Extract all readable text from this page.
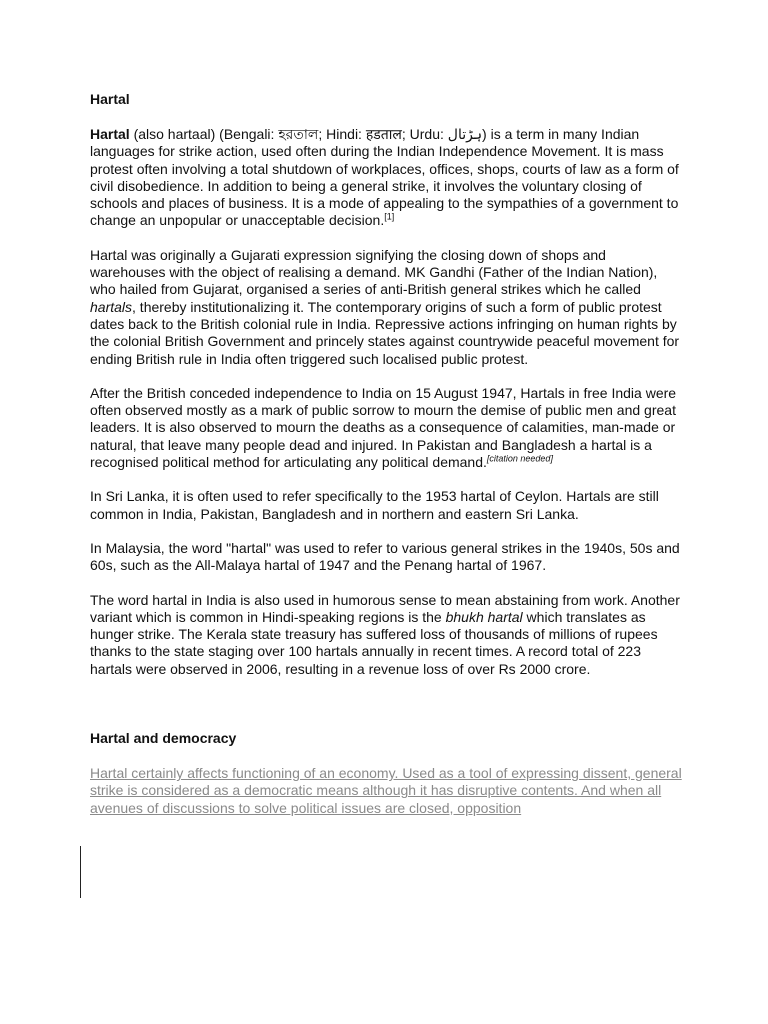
Hartal

Hartal (also hartaal) (Bengali: হরতাল; Hindi: हडताल; Urdu: ہڑتال) is a term in many Indian languages for strike action, used often during the Indian Independence Movement. It is mass protest often involving a total shutdown of workplaces, offices, shops, courts of law as a form of civil disobedience. In addition to being a general strike, it involves the voluntary closing of schools and places of business. It is a mode of appealing to the sympathies of a government to change an unpopular or unacceptable decision.[1]

Hartal was originally a Gujarati expression signifying the closing down of shops and warehouses with the object of realising a demand. MK Gandhi (Father of the Indian Nation), who hailed from Gujarat, organised a series of anti-British general strikes which he called hartals, thereby institutionalizing it. The contemporary origins of such a form of public protest dates back to the British colonial rule in India. Repressive actions infringing on human rights by the colonial British Government and princely states against countrywide peaceful movement for ending British rule in India often triggered such localised public protest.

After the British conceded independence to India on 15 August 1947, Hartals in free India were often observed mostly as a mark of public sorrow to mourn the demise of public men and great leaders. It is also observed to mourn the deaths as a consequence of calamities, man-made or natural, that leave many people dead and injured. In Pakistan and Bangladesh a hartal is a recognised political method for articulating any political demand.[citation needed]

In Sri Lanka, it is often used to refer specifically to the 1953 hartal of Ceylon. Hartals are still common in India, Pakistan, Bangladesh and in northern and eastern Sri Lanka.

In Malaysia, the word "hartal" was used to refer to various general strikes in the 1940s, 50s and 60s, such as the All-Malaya hartal of 1947 and the Penang hartal of 1967.

The word hartal in India is also used in humorous sense to mean abstaining from work. Another variant which is common in Hindi-speaking regions is the bhukh hartal which translates as hunger strike. The Kerala state treasury has suffered loss of thousands of millions of rupees thanks to the state staging over 100 hartals annually in recent times. A record total of 223 hartals were observed in 2006, resulting in a revenue loss of over Rs 2000 crore.

Hartal and democracy

Hartal certainly affects functioning of an economy. Used as a tool of expressing dissent, general strike is considered as a democratic means although it has disruptive contents. And when all avenues of discussions to solve political issues are closed, opposition
